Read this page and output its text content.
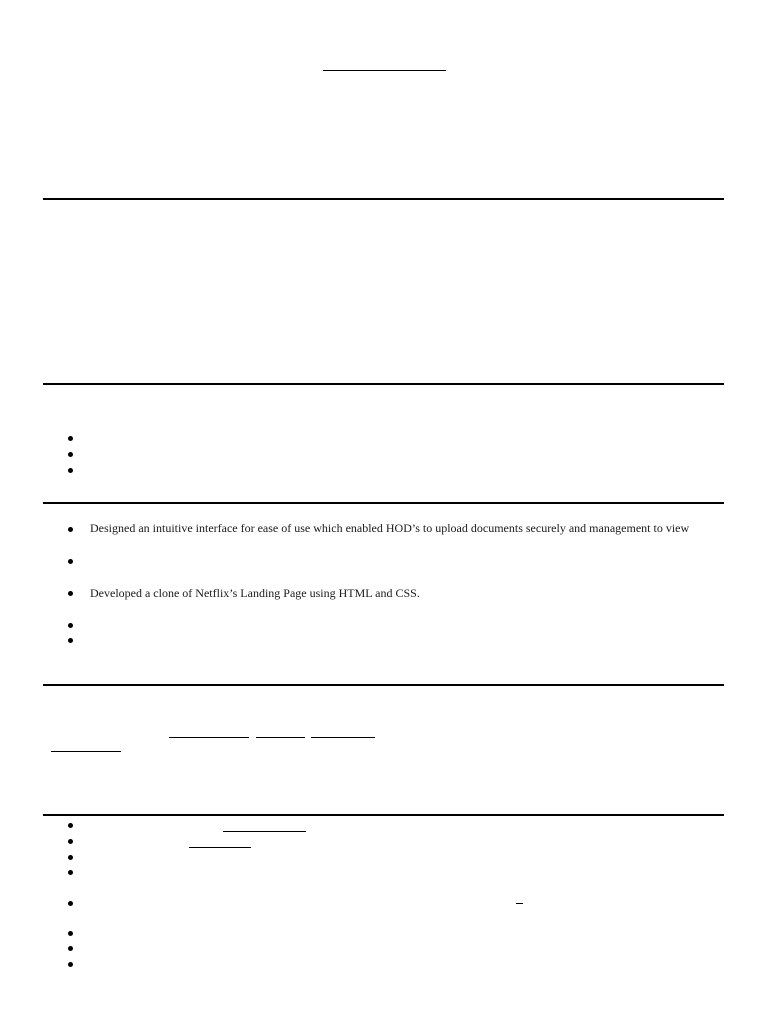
Designed an intuitive interface for ease of use which enabled HOD’s to upload documents securely and management to view
Developed a clone of Netflix’s Landing Page using HTML and CSS.
